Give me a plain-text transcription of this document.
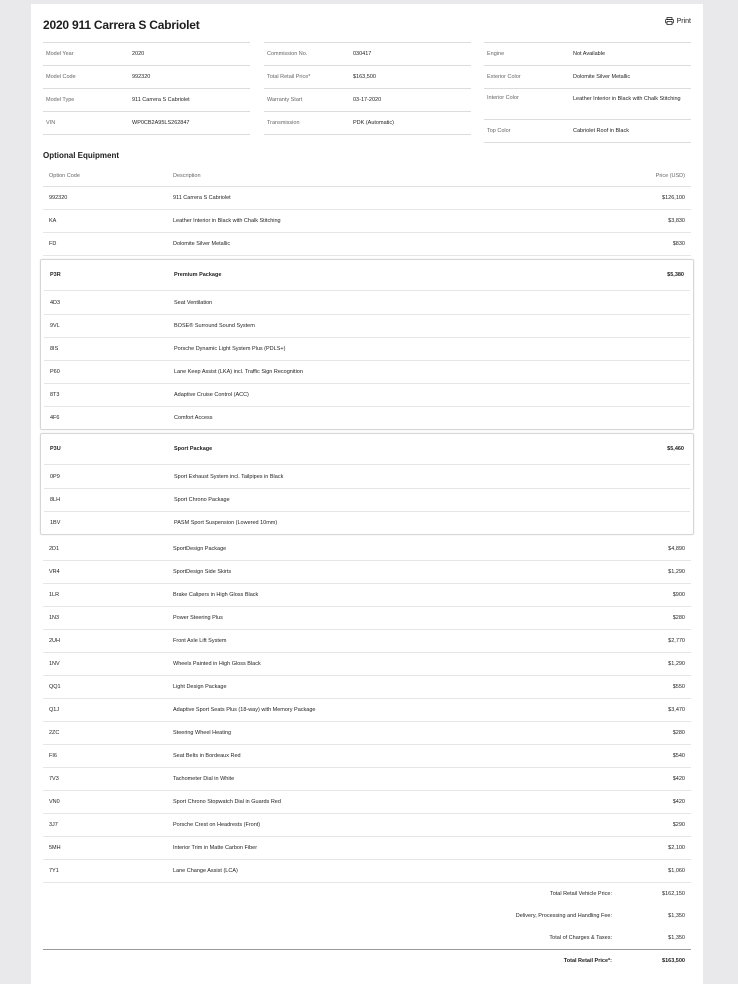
2020 911 Carrera S Cabriolet	Print
Model Year	2020
Model Code	992320
Model Type	911 Carrera S Cabriolet
VIN	WP0CB2A95LS262847
Commission No.	030417
Total Retail Price*	$163,500
Warranty Start	03-17-2020
Transmission	PDK (Automatic)
Engine	Not Available
Exterior Color	Dolomite Silver Metallic
Interior Color	Leather Interior in Black with Chalk Stitching
Top Color	Cabriolet Roof in Black
Optional Equipment
Option Code	Description	Price (USD)
992320	911 Carrera S Cabriolet	$126,100
KA	Leather Interior in Black with Chalk Stitching	$3,830
FD	Dolomite Silver Metallic	$830
P3R	Premium Package	$5,380
4D3	Seat Ventilation
9VL	BOSE® Surround Sound System
8IS	Porsche Dynamic Light System Plus (PDLS+)
P60	Lane Keep Assist (LKA) incl. Traffic Sign Recognition
8T3	Adaptive Cruise Control (ACC)
4F6	Comfort Access
P3U	Sport Package	$5,460
0P9	Sport Exhaust System incl. Tailpipes in Black
8LH	Sport Chrono Package
1BV	PASM Sport Suspension (Lowered 10mm)
2D1	SportDesign Package	$4,890
VR4	SportDesign Side Skirts	$1,290
1LR	Brake Calipers in High Gloss Black	$900
1N3	Power Steering Plus	$280
2UH	Front Axle Lift System	$2,770
1NV	Wheels Painted in High Gloss Black	$1,290
QQ1	Light Design Package	$550
Q1J	Adaptive Sport Seats Plus (18-way) with Memory Package	$3,470
2ZC	Steering Wheel Heating	$280
FI6	Seat Belts in Bordeaux Red	$540
7V3	Tachometer Dial in White	$420
VN0	Sport Chrono Stopwatch Dial in Guards Red	$420
3J7	Porsche Crest on Headrests (Front)	$290
5MH	Interior Trim in Matte Carbon Fiber	$2,100
7Y1	Lane Change Assist (LCA)	$1,060
Total Retail Vehicle Price:	$162,150
Delivery, Processing and Handling Fee:	$1,350
Total of Charges & Taxes:	$1,350
Total Retail Price*:	$163,500
